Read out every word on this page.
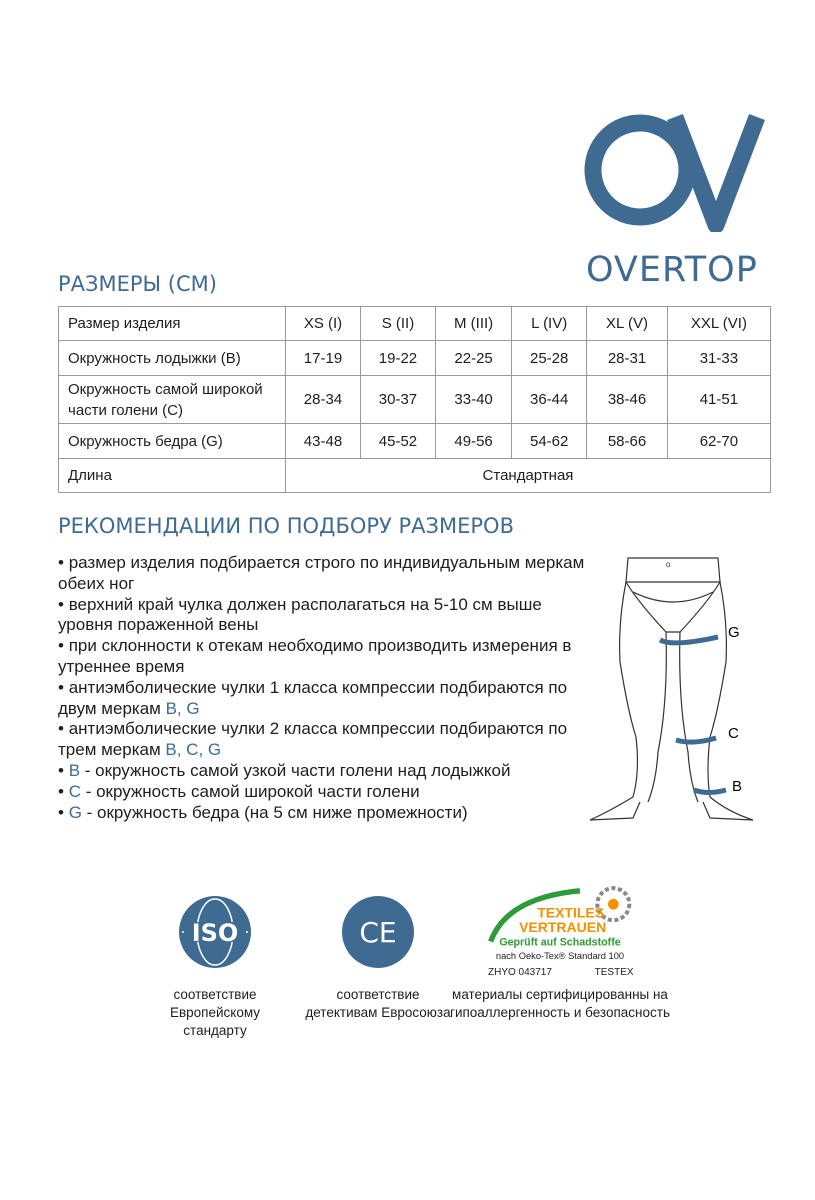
OVERTOP
РАЗМЕРЫ (СМ)
Размер изделия	XS (I)	S (II)	M (III)	L (IV)	XL (V)	XXL (VI)
Окружность лодыжки (B)	17-19	19-22	22-25	25-28	28-31	31-33
Окружность самой широкой части голени (C)	28-34	30-37	33-40	36-44	38-46	41-51
Окружность бедра (G)	43-48	45-52	49-56	54-62	58-66	62-70
Длина	Стандартная					
РЕКОМЕНДАЦИИ ПО ПОДБОРУ РАЗМЕРОВ
• размер изделия подбирается строго по индивидуальным меркам обеих ног
• верхний край чулка должен располагаться на 5-10 см выше уровня пораженной вены
• при склонности к отекам необходимо производить измерения в утреннее время
• антиэмболические чулки 1 класса компрессии подбираются по двум меркам B, G
• антиэмболические чулки 2 класса компрессии подбираются по трем меркам B, C, G
• B - окружность самой узкой части голени над лодыжкой
• C - окружность самой широкой части голени
• G - окружность бедра (на 5 см ниже промежности)
o
G
C
B
ISO
соответствие Европейскому стандарту
CE
соответствие детективам Евросоюза
TEXTILES
VERTRAUEN
Geprüft auf Schadstoffe
nach Oeko-Tex® Standard 100
ZHYO 043717	TESTEX
материалы сертифицированны на гипоаллергенность и безопасность
